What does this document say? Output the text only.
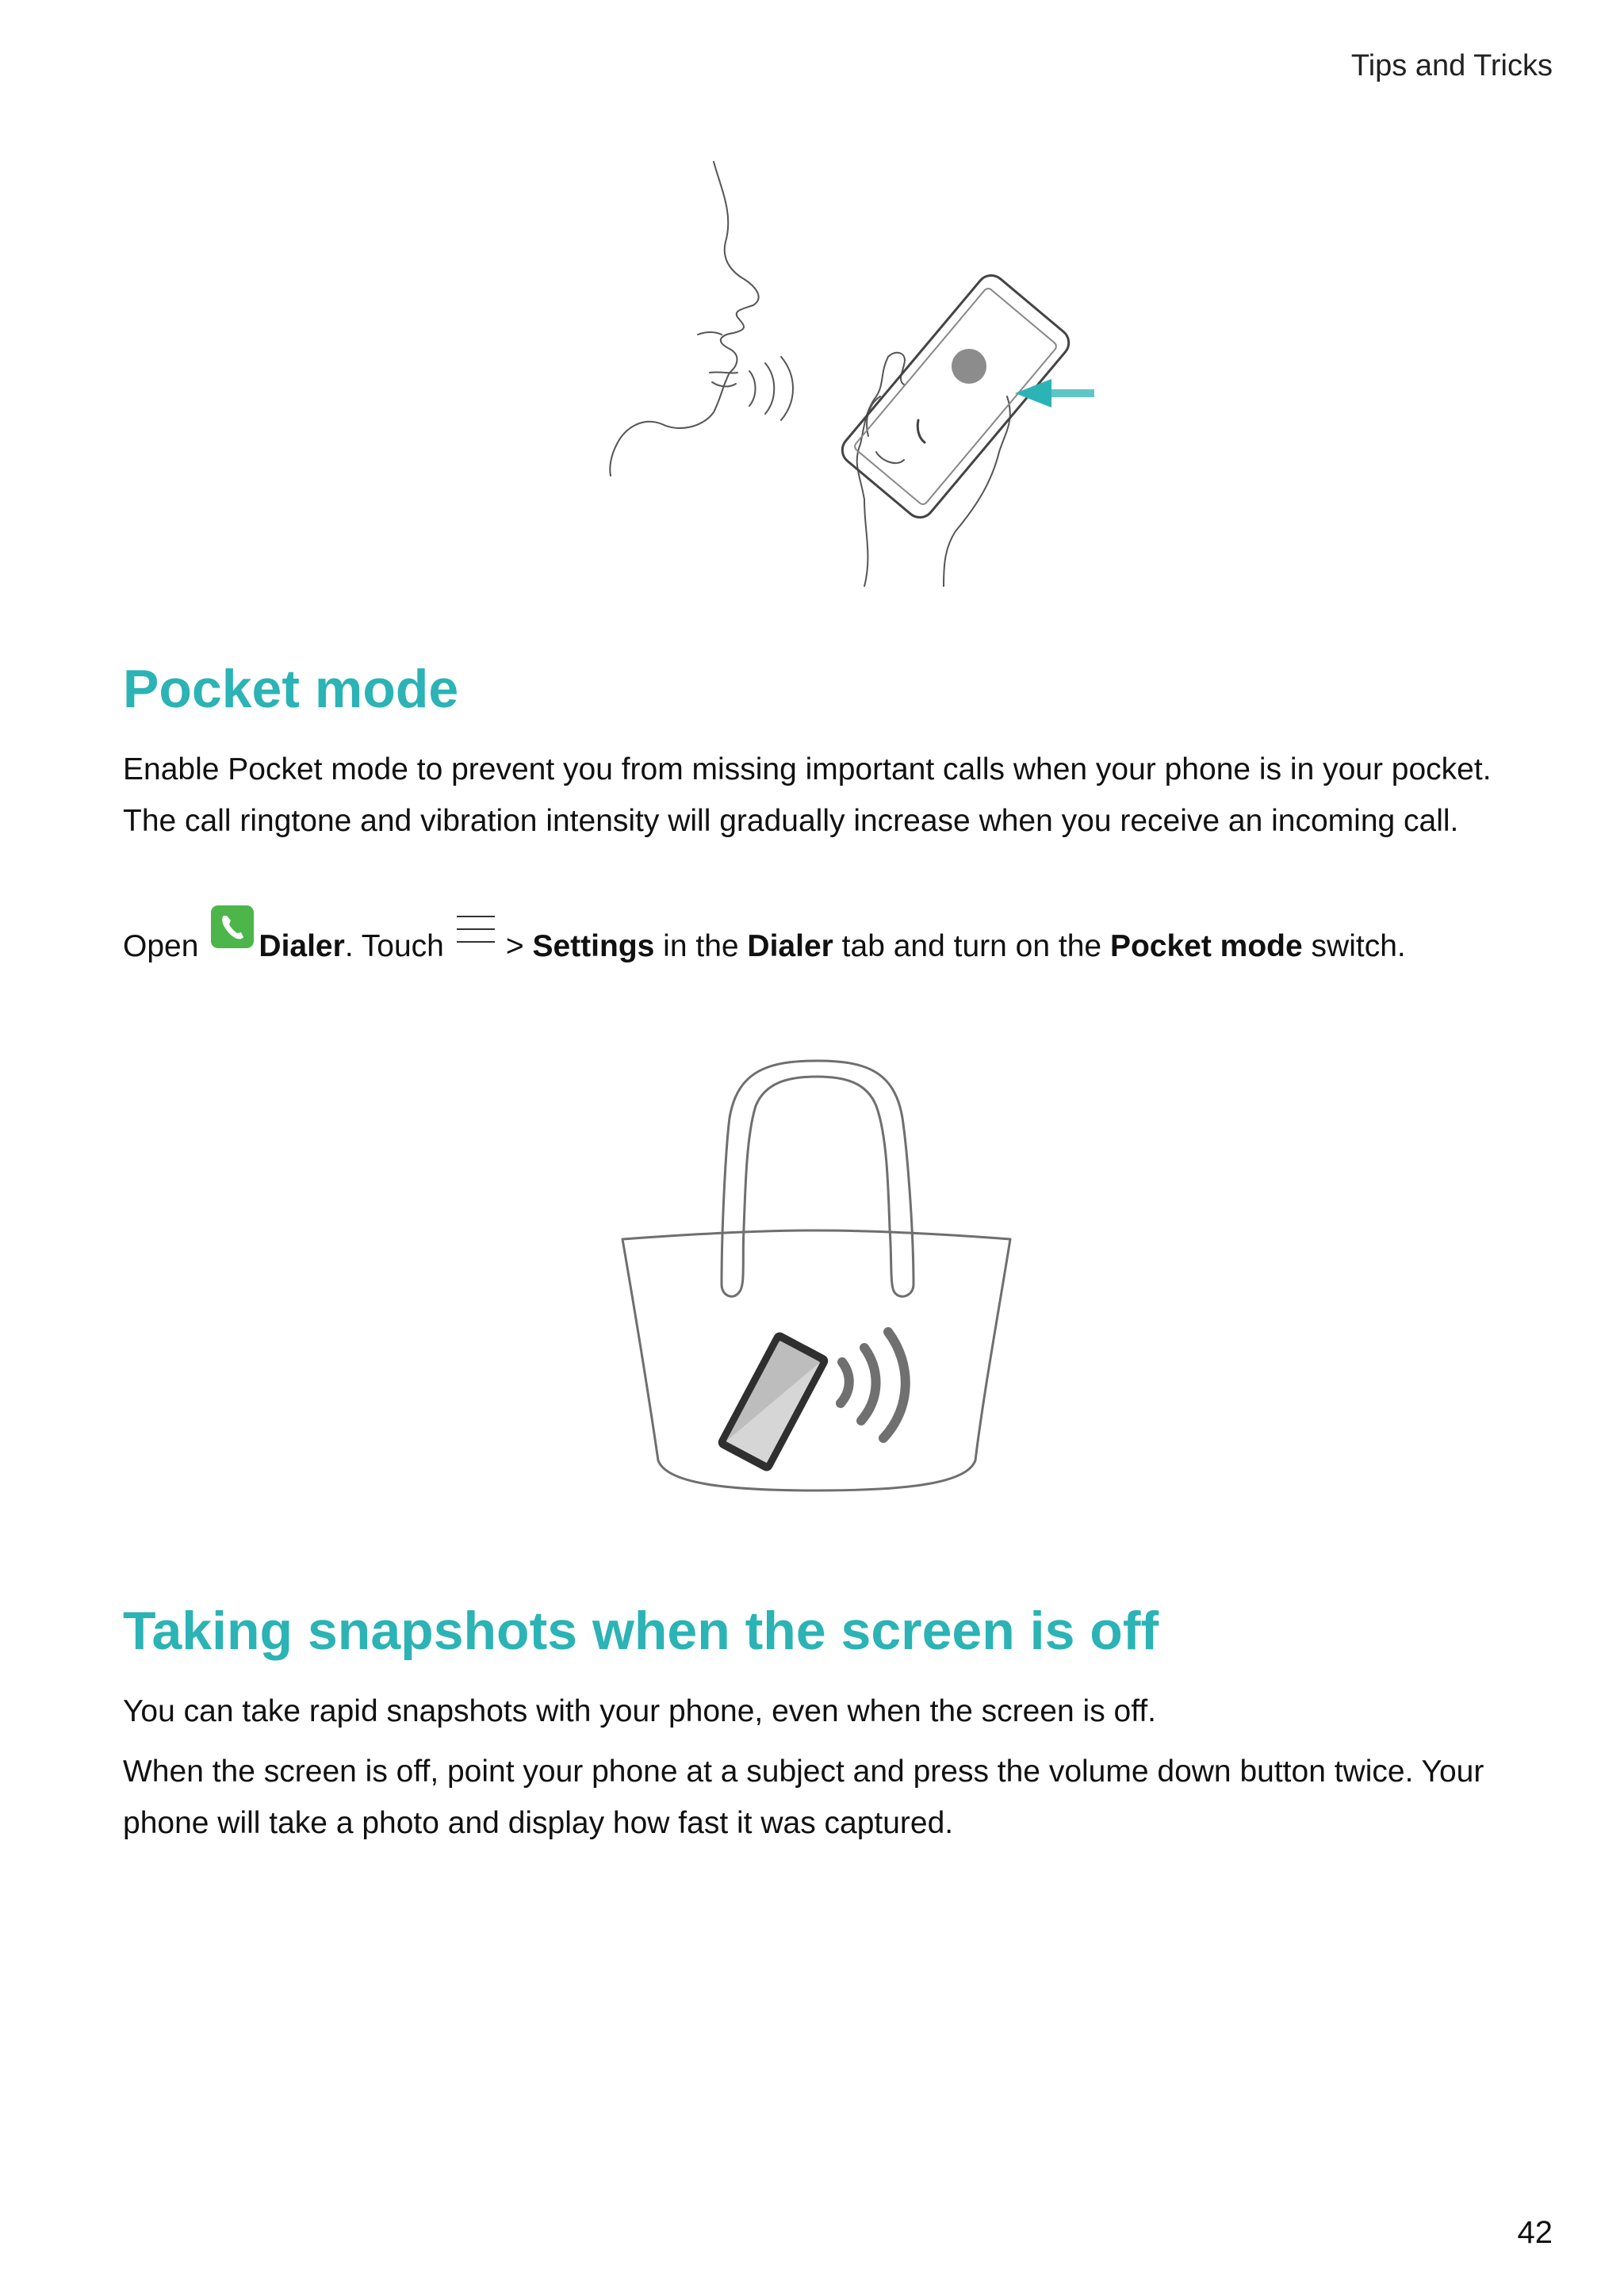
Tips and Tricks
Pocket mode

Enable Pocket mode to prevent you from missing important calls when your phone is in your pocket. The call ringtone and vibration intensity will gradually increase when you receive an incoming call.

Open Dialer. Touch > Settings in the Dialer tab and turn on the Pocket mode switch.

Taking snapshots when the screen is off

You can take rapid snapshots with your phone, even when the screen is off.

When the screen is off, point your phone at a subject and press the volume down button twice. Your phone will take a photo and display how fast it was captured.

42
